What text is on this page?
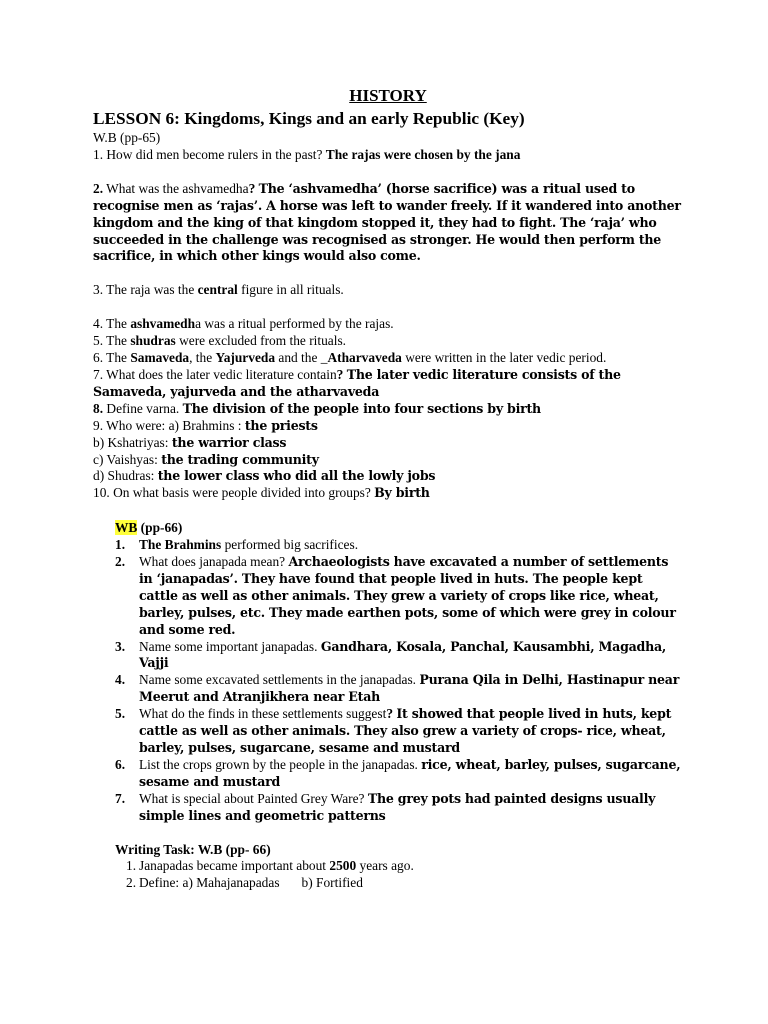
HISTORY
LESSON 6: Kingdoms, Kings and an early Republic (Key)

W.B (pp-65)

1. How did men become rulers in the past? The rajas were chosen by the jana

2. What was the ashvamedha? The ‘ashvamedha’ (horse sacrifice) was a ritual used to recognise men as ‘rajas’. A horse was left to wander freely. If it wandered into another kingdom and the king of that kingdom stopped it, they had to fight. The ‘raja’ who succeeded in the challenge was recognised as stronger. He would then perform the sacrifice, in which other kings would also come.

3. The raja was the central figure in all rituals.

4. The ashvamedha was a ritual performed by the rajas.

5. The shudras were excluded from the rituals.

6. The Samaveda, the Yajurveda and the _Atharvaveda were written in the later vedic period.

7. What does the later vedic literature contain? The later vedic literature consists of the Samaveda, yajurveda and the atharvaveda

8. Define varna. The division of the people into four sections by birth

9. Who were: a) Brahmins : the priests

b) Kshatriyas: the warrior class

c) Vaishyas: the trading community

d) Shudras: the lower class who did all the lowly jobs

10. On what basis were people divided into groups? By birth

WB (pp-66)

1. The Brahmins performed big sacrifices.
2. What does janapada mean? Archaeologists have excavated a number of settlements in ‘janapadas’. They have found that people lived in huts. The people kept cattle as well as other animals. They grew a variety of crops like rice, wheat, barley, pulses, etc. They made earthen pots, some of which were grey in colour and some red.
3. Name some important janapadas. Gandhara, Kosala, Panchal, Kausambhi, Magadha, Vajji
4. Name some excavated settlements in the janapadas. Purana Qila in Delhi, Hastinapur near Meerut and Atranjikhera near Etah
5. What do the finds in these settlements suggest? It showed that people lived in huts, kept cattle as well as other animals. They also grew a variety of crops- rice, wheat, barley, pulses, sugarcane, sesame and mustard
6. List the crops grown by the people in the janapadas. rice, wheat, barley, pulses, sugarcane, sesame and mustard
7. What is special about Painted Grey Ware? The grey pots had painted designs usually simple lines and geometric patterns

Writing Task: W.B (pp- 66)

1. Janapadas became important about 2500 years ago.
2. Define: a) Mahajanapadas b) Fortified
